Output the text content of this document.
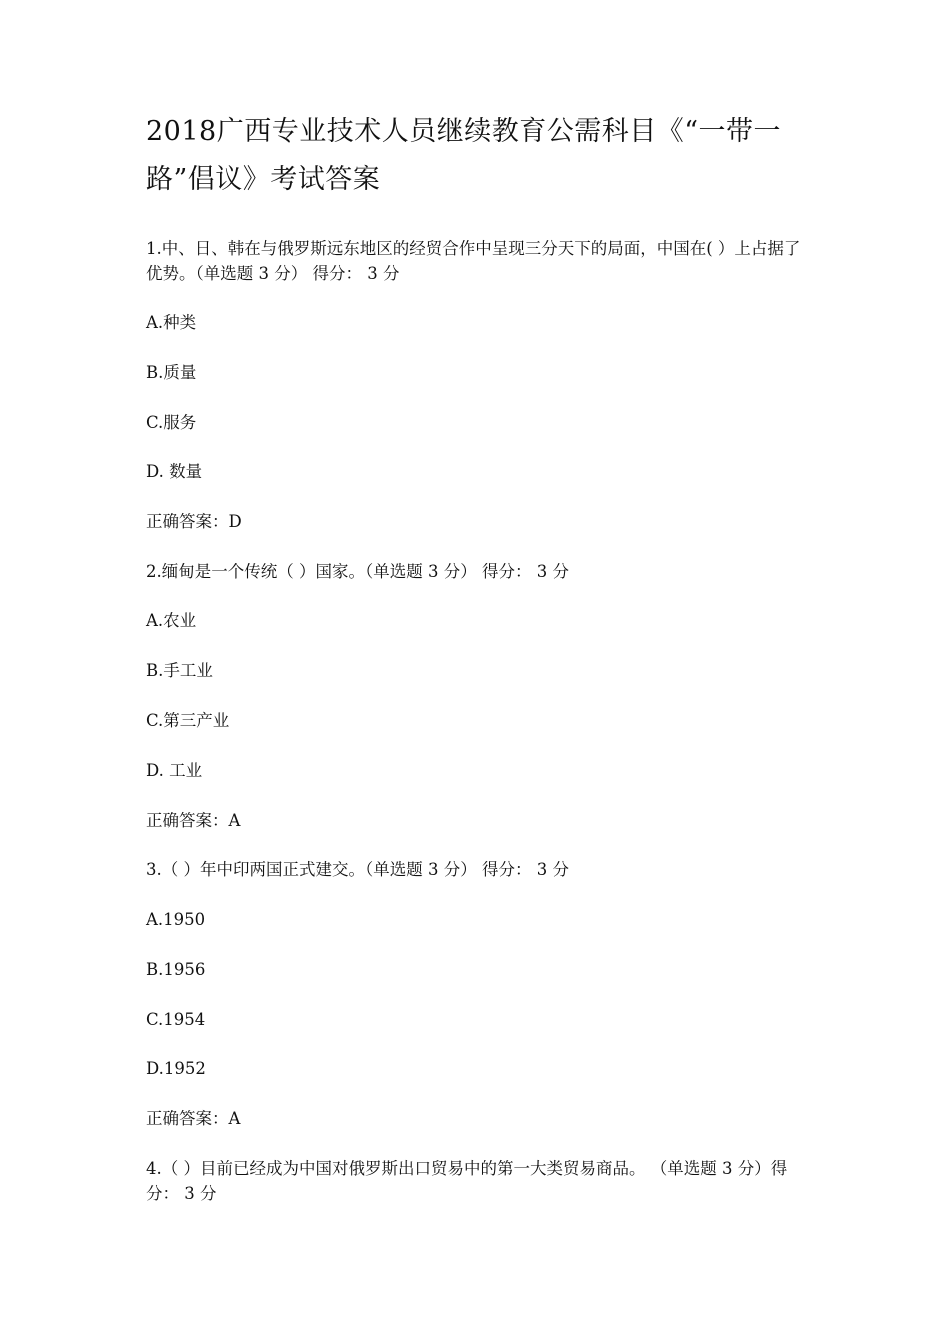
2018广西专业技术人员继续教育公需科目《“一带一路”倡议》考试答案

1.中、日、韩在与俄罗斯远东地区的经贸合作中呈现三分天下的局面，中国在( ）上占据了优势。（单选题 3 分） 得分： 3 分

A.种类

B.质量

C.服务

D. 数量

正确答案：D

2.缅甸是一个传统（ ）国家。（单选题 3 分） 得分： 3 分

A.农业

B.手工业

C.第三产业

D. 工业

正确答案：A

3.（ ）年中印两国正式建交。（单选题 3 分） 得分： 3 分

A.1950

B.1956

C.1954

D.1952

正确答案：A

4.（ ）目前已经成为中国对俄罗斯出口贸易中的第一大类贸易商品。 （单选题 3 分）得分： 3 分
